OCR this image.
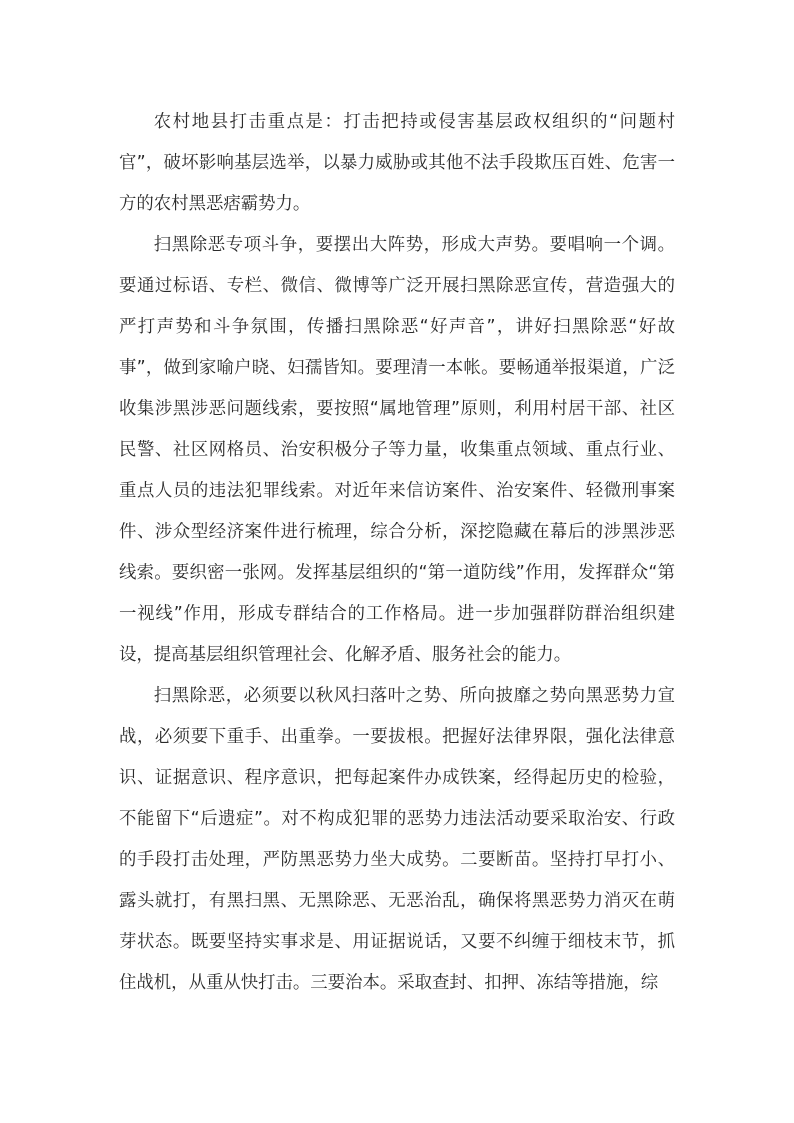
农村地县打击重点是：打击把持或侵害基层政权组织的“问题村官”，破坏影响基层选举，以暴力威胁或其他不法手段欺压百姓、危害一方的农村黑恶痞霸势力。

扫黑除恶专项斗争，要摆出大阵势，形成大声势。要唱响一个调。要通过标语、专栏、微信、微博等广泛开展扫黑除恶宣传，营造强大的严打声势和斗争氛围，传播扫黑除恶“好声音”，讲好扫黑除恶“好故事”，做到家喻户晓、妇孺皆知。要理清一本帐。要畅通举报渠道，广泛收集涉黑涉恶问题线索，要按照“属地管理”原则，利用村居干部、社区民警、社区网格员、治安积极分子等力量，收集重点领域、重点行业、重点人员的违法犯罪线索。对近年来信访案件、治安案件、轻微刑事案件、涉众型经济案件进行梳理，综合分析，深挖隐藏在幕后的涉黑涉恶线索。要织密一张网。发挥基层组织的“第一道防线”作用，发挥群众“第一视线”作用，形成专群结合的工作格局。进一步加强群防群治组织建设，提高基层组织管理社会、化解矛盾、服务社会的能力。

扫黑除恶，必须要以秋风扫落叶之势、所向披靡之势向黑恶势力宣战，必须要下重手、出重拳。一要拔根。把握好法律界限，强化法律意识、证据意识、程序意识，把每起案件办成铁案，经得起历史的检验，不能留下“后遗症”。对不构成犯罪的恶势力违法活动要采取治安、行政的手段打击处理，严防黑恶势力坐大成势。二要断苗。坚持打早打小、露头就打，有黑扫黑、无黑除恶、无恶治乱，确保将黑恶势力消灭在萌芽状态。既要坚持实事求是、用证据说话，又要不纠缠于细枝末节，抓住战机，从重从快打击。三要治本。采取查封、扣押、冻结等措施，综
